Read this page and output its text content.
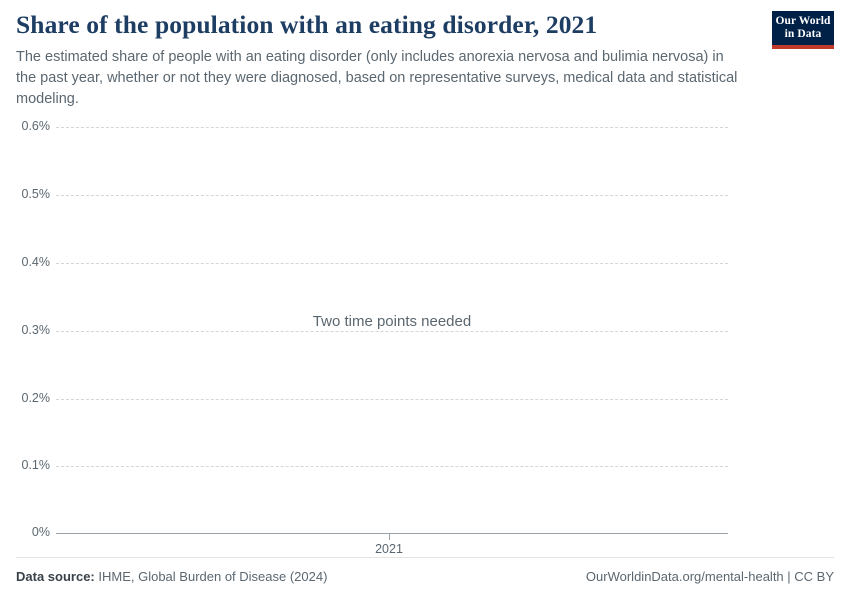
Share of the population with an eating disorder, 2021

The estimated share of people with an eating disorder (only includes anorexia nervosa and bulimia nervosa) in the past year, whether or not they were diagnosed, based on representative surveys, medical data and statistical modeling.

Our World
in Data
0.6%
0.5%
0.4%
0.3%
0.2%
0.1%
0%
2021
Two time points needed
Data source: IHME, Global Burden of Disease (2024)	OurWorldinData.org/mental-health | CC BY
